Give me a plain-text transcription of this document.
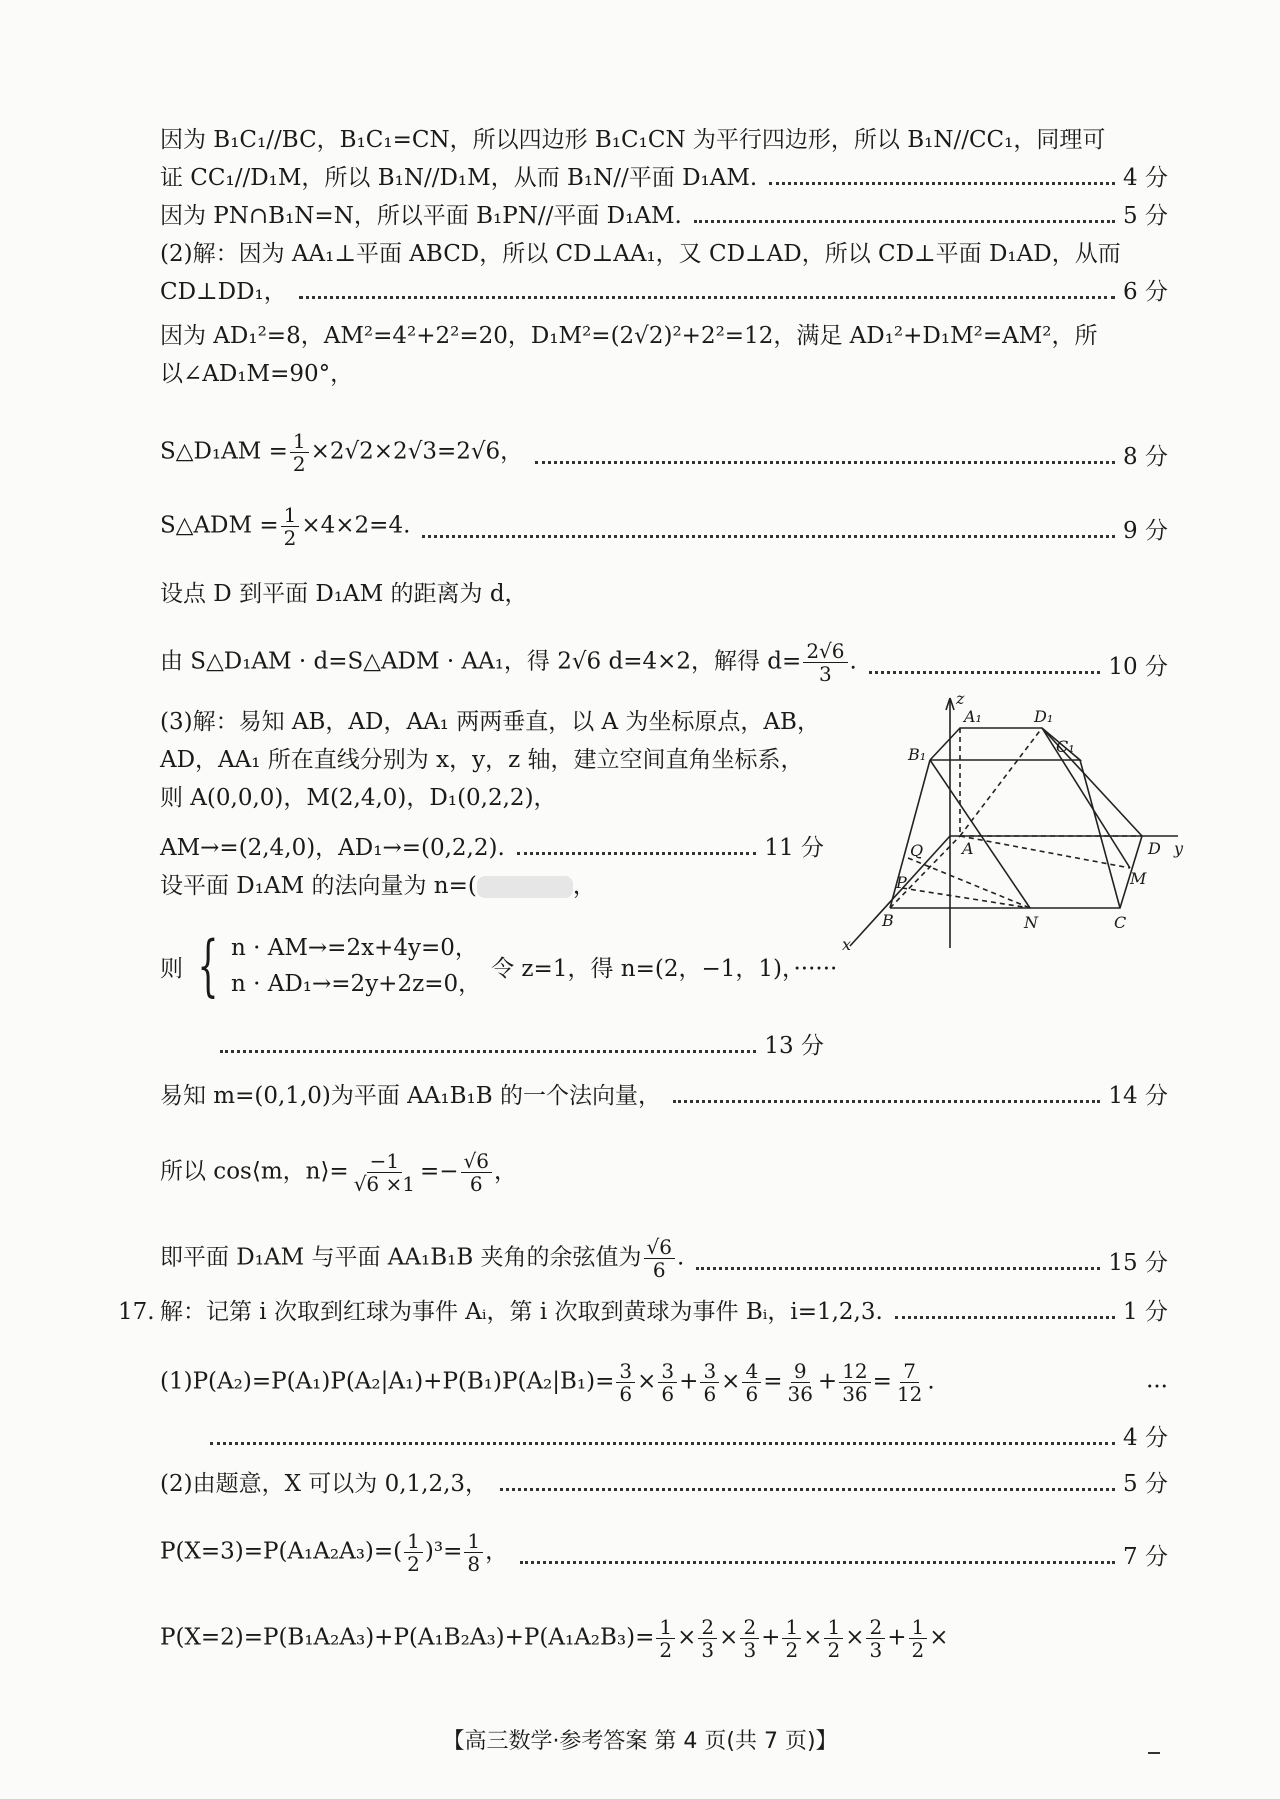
因为 B₁C₁//BC，B₁C₁=CN，所以四边形 B₁C₁CN 为平行四边形，所以 B₁N//CC₁，同理可
证 CC₁//D₁M，所以 B₁N//D₁M，从而 B₁N//平面 D₁AM.	4 分
因为 PN∩B₁N=N，所以平面 B₁PN//平面 D₁AM.	5 分
(2)解：因为 AA₁⊥平面 ABCD，所以 CD⊥AA₁，又 CD⊥AD，所以 CD⊥平面 D₁AD，从而
CD⊥DD₁，	6 分
因为 AD₁²=8，AM²=4²+2²=20，D₁M²=(2√2)²+2²=12，满足 AD₁²+D₁M²=AM²，所
以∠AD₁M=90°，
S△D₁AM = $\frac{1}{2} \times 2√2\times 2√3=2√6$，	8 分
S△ADM = $\frac{1}{2} \times 4\times 2=4$.	9 分
设点 D 到平面 D₁AM 的距离为 d，
由 S△D₁AM · d=S△ADM · AA₁，得 2√6 d=4×2，解得 $d= \frac{2√6}{3}$ .	10 分
(3)解：易知 AB，AD，AA₁ 两两垂直，以 A 为坐标原点，AB，
AD，AA₁ 所在直线分别为 x，y，z 轴，建立空间直角坐标系，
则 A(0,0,0)，M(2,4,0)，D₁(0,2,2)，
AM→=(2,4,0)，AD₁→=(0,2,2).	11 分
设平面 D₁AM 的法向量为 n=(	，
则 { n · AM→=2x+4y=0，
n · AD₁→=2y+2z=0，
令 z=1，得 n=(2，−1，1)，······
13 分
易知 m=(0,1,0)为平面 AA₁B₁B 的一个法向量，	14 分
所以 cos⟨m，n⟩= $\frac{-1}{√6 \times 1} =- \frac{√6}{6}$ ，
即平面 D₁AM 与平面 AA₁B₁B 夹角的余弦值为 $\frac{√6}{6}$ .	15 分
17. 解：记第 i 次取到红球为事件 Aᵢ，第 i 次取到黄球为事件 Bᵢ，i=1,2,3.	1 分
$(1)P(A_2)=P(A_1)P(A_2|A_1)+P(B_1)P(A_2|B_1)= \frac{3}{6} \times \frac{3}{6} + \frac{3}{6} \times \frac{4}{6} = \frac{9}{36} + \frac{12}{36} = \frac{7}{12}$ .	···
4 分
(2)由题意，X 可以为 0,1,2,3，	5 分
$P(X=3)=P(A_1A_2A_3)=( \frac{1}{2} )^3= \frac{1}{8}$ ，	7 分
$P(X=2)=P(B_1A_2A_3)+P(A_1B_2A_3)+P(A_1A_2B_3)= \frac{1}{2} \times \frac{2}{3} \times \frac{2}{3} + \frac{1}{2} \times \frac{1}{2} \times \frac{2}{3} + \frac{1}{2}$ ×
z
A₁	D₁
B₁	C₁
Q A	D y
M
P
B	N	C
x
【高三数学·参考答案 第 4 页(共 7 页)】
